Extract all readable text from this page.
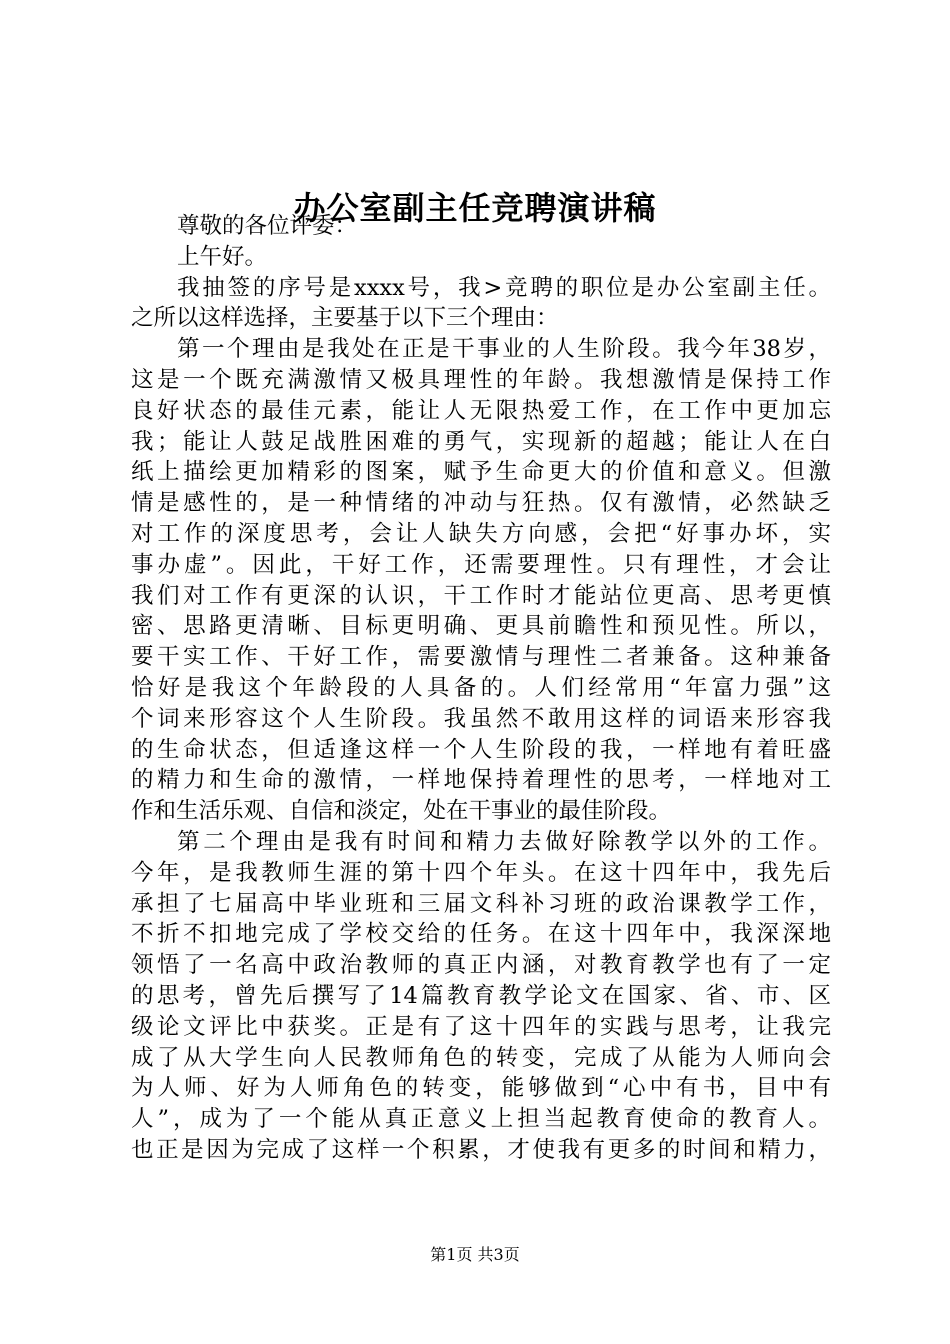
办公室副主任竞聘演讲稿
尊敬的各位评委：
上午好。
我抽签的序号是xxxx号，我>竞聘的职位是办公室副主任。
之所以这样选择，主要基于以下三个理由：
第一个理由是我处在正是干事业的人生阶段。我今年38岁，
这是一个既充满激情又极具理性的年龄。我想激情是保持工作
良好状态的最佳元素，能让人无限热爱工作，在工作中更加忘
我；能让人鼓足战胜困难的勇气，实现新的超越；能让人在白
纸上描绘更加精彩的图案，赋予生命更大的价值和意义。但激
情是感性的，是一种情绪的冲动与狂热。仅有激情，必然缺乏
对工作的深度思考，会让人缺失方向感，会把“好事办坏，实
事办虚”。因此，干好工作，还需要理性。只有理性，才会让
我们对工作有更深的认识，干工作时才能站位更高、思考更慎
密、思路更清晰、目标更明确、更具前瞻性和预见性。所以，
要干实工作、干好工作，需要激情与理性二者兼备。这种兼备
恰好是我这个年龄段的人具备的。人们经常用“年富力强”这
个词来形容这个人生阶段。我虽然不敢用这样的词语来形容我
的生命状态，但适逢这样一个人生阶段的我，一样地有着旺盛
的精力和生命的激情，一样地保持着理性的思考，一样地对工
作和生活乐观、自信和淡定，处在干事业的最佳阶段。
第二个理由是我有时间和精力去做好除教学以外的工作。
今年，是我教师生涯的第十四个年头。在这十四年中，我先后
承担了七届高中毕业班和三届文科补习班的政治课教学工作，
不折不扣地完成了学校交给的任务。在这十四年中，我深深地
领悟了一名高中政治教师的真正内涵，对教育教学也有了一定
的思考，曾先后撰写了14篇教育教学论文在国家、省、市、区
级论文评比中获奖。正是有了这十四年的实践与思考，让我完
成了从大学生向人民教师角色的转变，完成了从能为人师向会
为人师、好为人师角色的转变，能够做到“心中有书，目中有
人”，成为了一个能从真正意义上担当起教育使命的教育人。
也正是因为完成了这样一个积累，才使我有更多的时间和精力，
第1页 共3页
